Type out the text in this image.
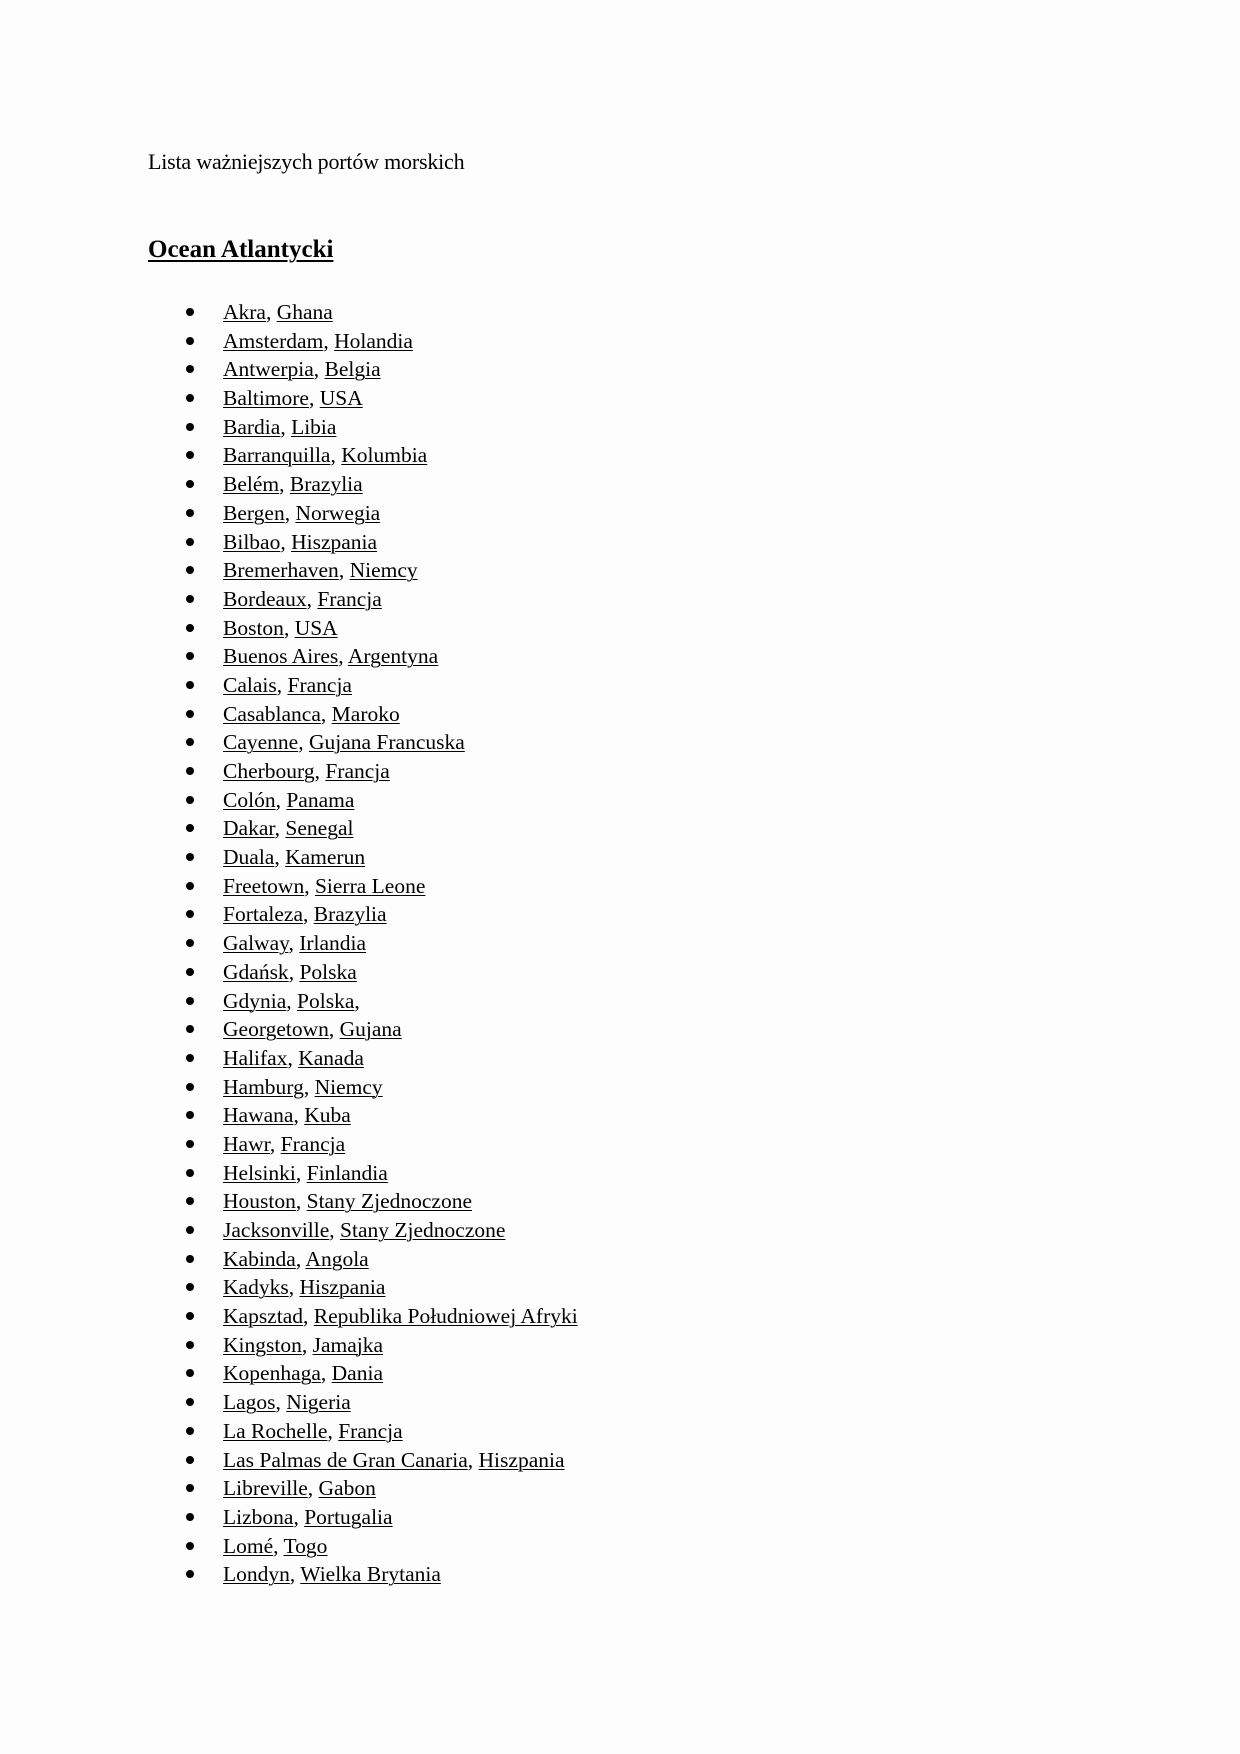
Lista ważniejszych portów morskich
Ocean Atlantycki
Akra, Ghana
Amsterdam, Holandia
Antwerpia, Belgia
Baltimore, USA
Bardia, Libia
Barranquilla, Kolumbia
Belém, Brazylia
Bergen, Norwegia
Bilbao, Hiszpania
Bremerhaven, Niemcy
Bordeaux, Francja
Boston, USA
Buenos Aires, Argentyna
Calais, Francja
Casablanca, Maroko
Cayenne, Gujana Francuska
Cherbourg, Francja
Colón, Panama
Dakar, Senegal
Duala, Kamerun
Freetown, Sierra Leone
Fortaleza, Brazylia
Galway, Irlandia
Gdańsk, Polska
Gdynia, Polska,
Georgetown, Gujana
Halifax, Kanada
Hamburg, Niemcy
Hawana, Kuba
Hawr, Francja
Helsinki, Finlandia
Houston, Stany Zjednoczone
Jacksonville, Stany Zjednoczone
Kabinda, Angola
Kadyks, Hiszpania
Kapsztad, Republika Południowej Afryki
Kingston, Jamajka
Kopenhaga, Dania
Lagos, Nigeria
La Rochelle, Francja
Las Palmas de Gran Canaria, Hiszpania
Libreville, Gabon
Lizbona, Portugalia
Lomé, Togo
Londyn, Wielka Brytania
